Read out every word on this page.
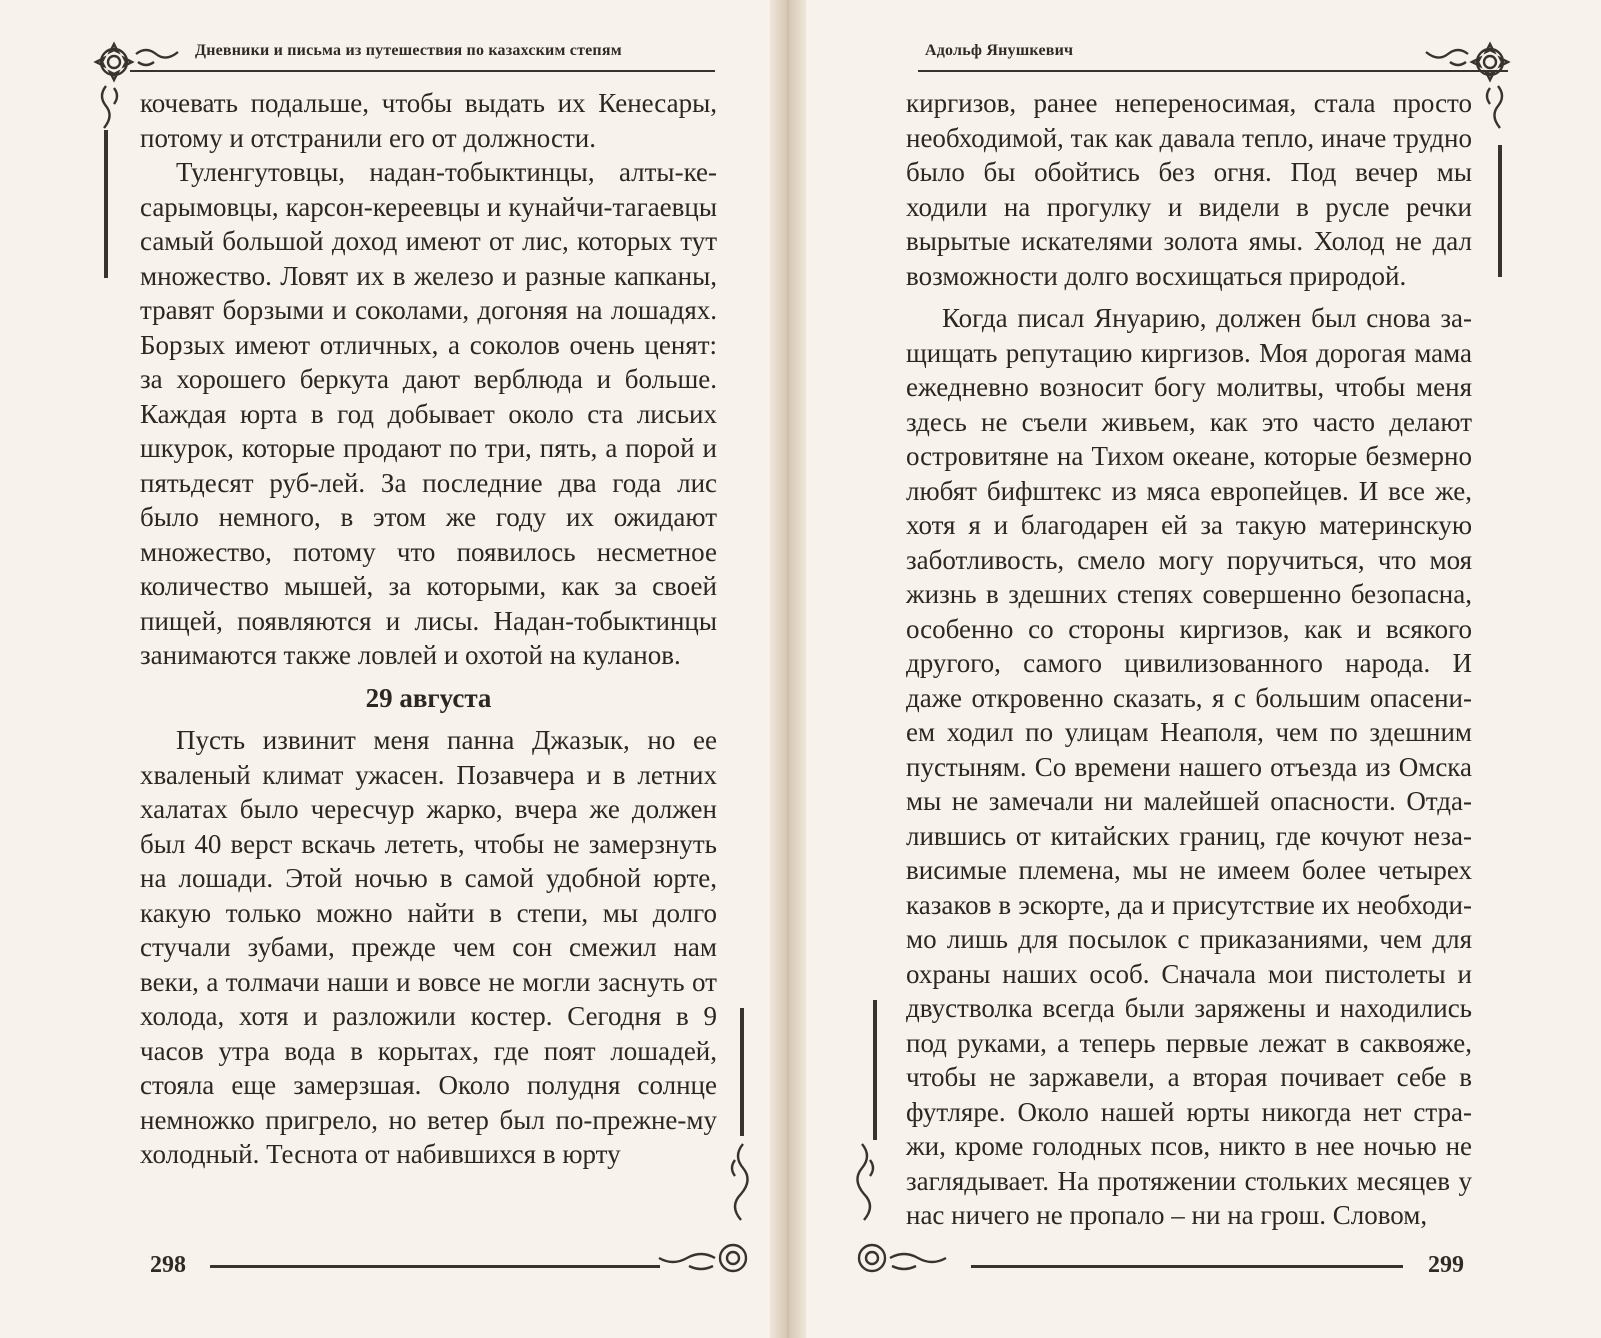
Дневники и письма из путешествия по казахским степям

кочевать подальше, чтобы выдать их Кенесары, потому и отстранили его от должности.

Туленгутовцы, надан-тобыктинцы, алты-ке-сарымовцы, карсон-кереевцы и кунайчи-тагаевцы самый большой доход имеют от лис, которых тут множество. Ловят их в железо и разные капканы, травят борзыми и соколами, догоняя на лошадях. Борзых имеют отличных, а соколов очень ценят: за хорошего беркута дают верблюда и больше. Каждая юрта в год добывает около ста лисьих шкурок, которые продают по три, пять, а порой и пятьдесят руб-лей. За последние два года лис было немного, в этом же году их ожидают множество, потому что появилось несметное количество мышей, за которыми, как за своей пищей, появляются и лисы. Надан-тобыктинцы занимаются также ловлей и охотой на куланов.

29 августа

Пусть извинит меня панна Джазык, но ее хваленый климат ужасен. Позавчера и в летних халатах было чересчур жарко, вчера же должен был 40 верст вскачь лететь, чтобы не замерзнуть на лошади. Этой ночью в самой удобной юрте, какую только можно найти в степи, мы долго стучали зубами, прежде чем сон смежил нам веки, а толмачи наши и вовсе не могли заснуть от холода, хотя и разложили костер. Сегодня в 9 часов утра вода в корытах, где поят лошадей, стояла еще замерзшая. Около полудня солнце немножко пригрело, но ветер был по-прежне-му холодный. Теснота от набившихся в юрту

298
Адольф Янушкевич

киргизов, ранее непереносимая, стала просто необходимой, так как давала тепло, иначе трудно было бы обойтись без огня. Под вечер мы ходили на прогулку и видели в русле речки вырытые искателями золота ямы. Холод не дал возможности долго восхищаться природой.

Когда писал Януарию, должен был снова за-щищать репутацию киргизов. Моя дорогая мама ежедневно возносит богу молитвы, чтобы меня здесь не съели живьем, как это часто делают островитяне на Тихом океане, которые безмерно любят бифштекс из мяса европейцев. И все же, хотя я и благодарен ей за такую материнскую заботливость, смело могу поручиться, что моя жизнь в здешних степях совершенно безопасна, особенно со стороны киргизов, как и всякого другого, самого цивилизованного народа. И даже откровенно сказать, я с большим опасени-ем ходил по улицам Неаполя, чем по здешним пустыням. Со времени нашего отъезда из Омска мы не замечали ни малейшей опасности. Отда-лившись от китайских границ, где кочуют неза-висимые племена, мы не имеем более четырех казаков в эскорте, да и присутствие их необходи-мо лишь для посылок с приказаниями, чем для охраны наших особ. Сначала мои пистолеты и двустволка всегда были заряжены и находились под руками, а теперь первые лежат в саквояже, чтобы не заржавели, а вторая почивает себе в футляре. Около нашей юрты никогда нет стра-жи, кроме голодных псов, никто в нее ночью не заглядывает. На протяжении стольких месяцев у нас ничего не пропало – ни на грош. Словом,

299
